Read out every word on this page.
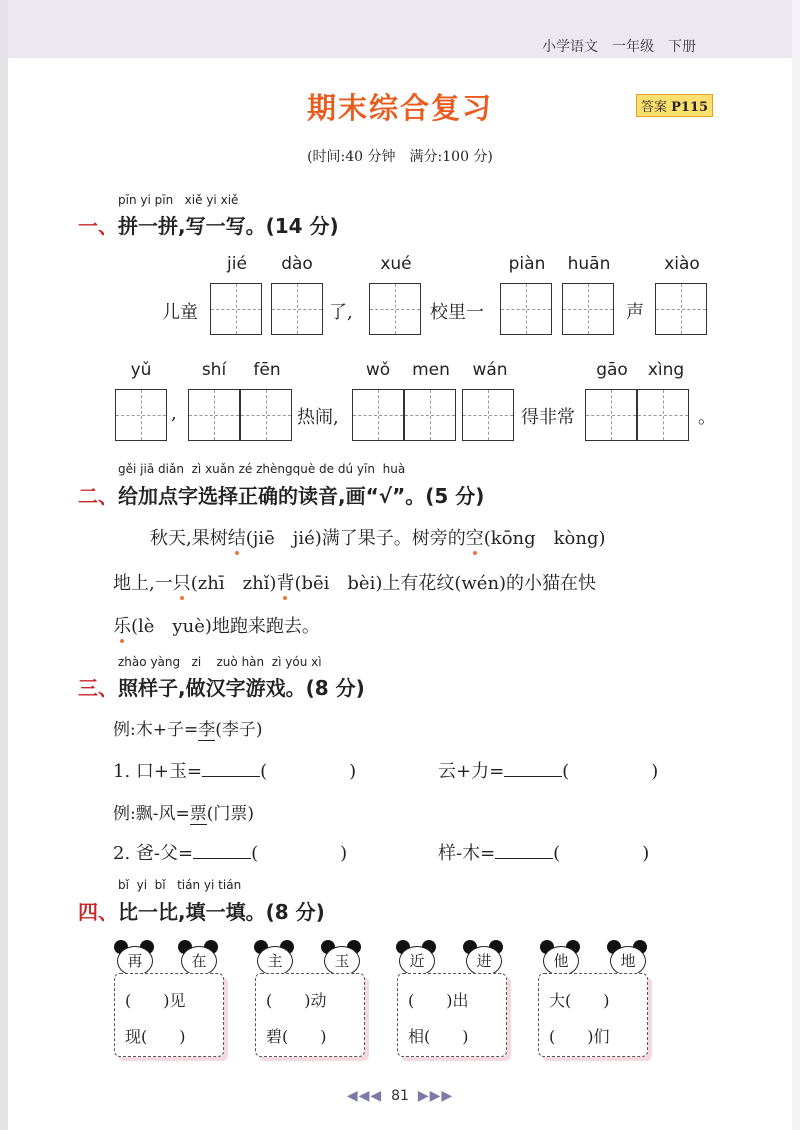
小学语文 一年级 下册
期末综合复习	答案 P115
(时间:40 分钟　满分:100 分)
pīn yi pīn xiě yi xiě
一、拼一拼,写一写。(14 分)
jié dào	xué	piàn huān	xiào
儿童	了,	校里一	声
yǔ	shí fēn	wǒ men wán	gāo xìng
,	热闹,	得非常	。
gěi jiā diǎn zì xuǎn zé zhèngquè de dú yīn huà
二、给加点字选择正确的读音,画“√”。(5 分)
秋天,果树结(jiē　jié)满了果子。树旁的空(kōng　kòng)
地上,一只(zhī　zhǐ)背(bēi　bèi)上有花纹(wén)的小猫在快
乐(lè　yuè)地跑来跑去。
zhào yàng zi zuò hàn zì yóu xì
三、照样子,做汉字游戏。(8 分)
例:木+子=李(李子)
1. 口+玉=	(	)	云+力=	(	)
例:飘-风=票(门票)
2. 爸-父=	(	)	样-木=	(	)
bǐ yi bǐ tián yi tián
四、比一比,填一填。(8 分)
再	在
(　　)见
现(　　)
主	玉
(　　)动
碧(　　)
近	进
(　　)出
相(　　)
他	地
大(　　)
(　　)们
◀◀◀ 81 ▶▶▶
